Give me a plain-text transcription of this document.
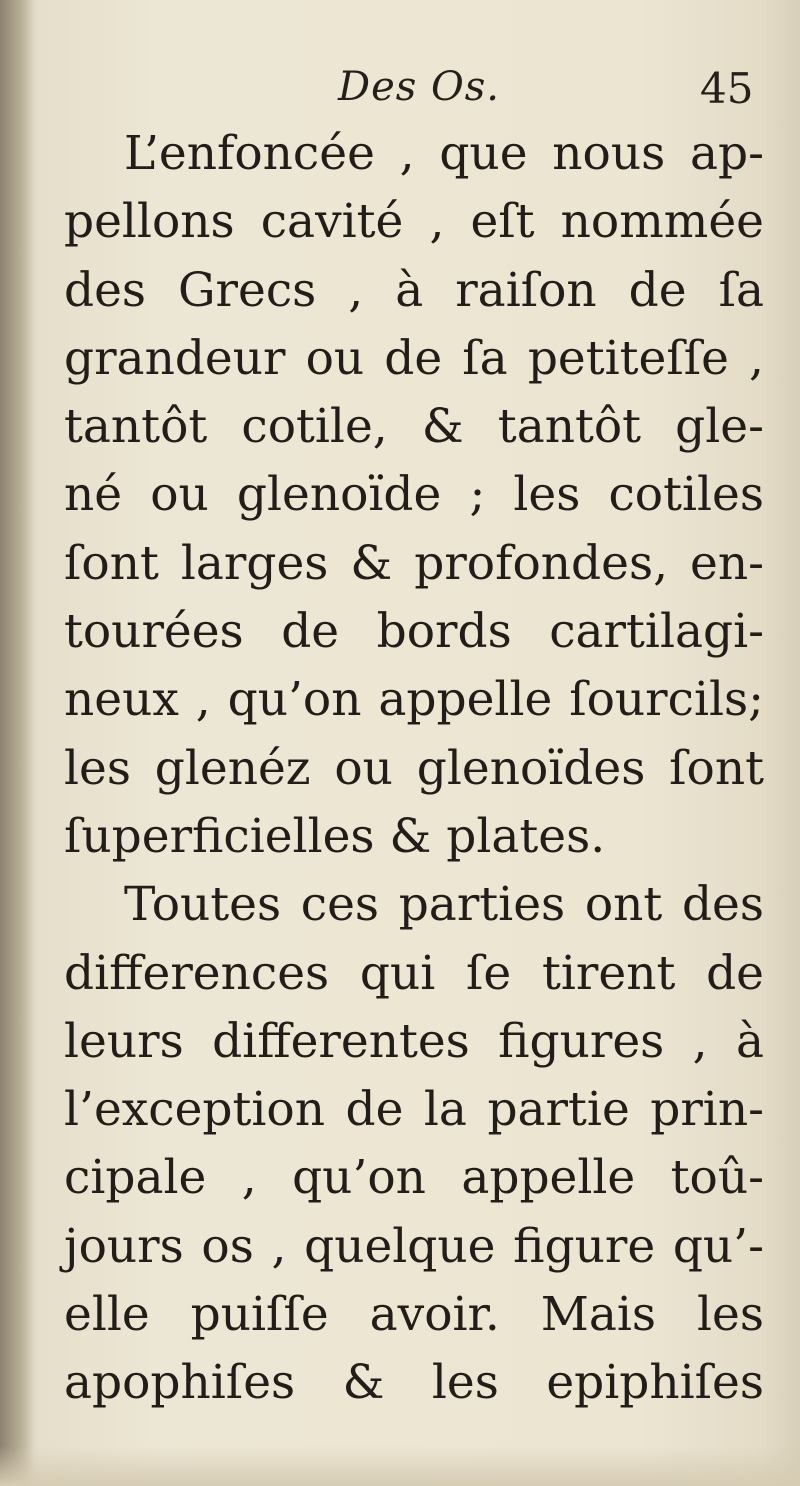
Des Os.	45
L’enfoncée , que nous ap-
pellons cavité , eſt nommée
des Grecs , à raiſon de ſa
grandeur ou de ſa petiteſſe ,
tantôt cotile, & tantôt gle-
né ou glenoïde ; les cotiles
ſont larges & profondes, en-
tourées de bords cartilagi-
neux , qu’on appelle ſourcils;
les glenéz ou glenoïdes ſont
ſuperficielles & plates.
Toutes ces parties ont des
differences qui ſe tirent de
leurs differentes figures , à
l’exception de la partie prin-
cipale , qu’on appelle toû-
jours os , quelque figure qu’-
elle puiſſe avoir. Mais les
apophiſes & les epiphiſes
